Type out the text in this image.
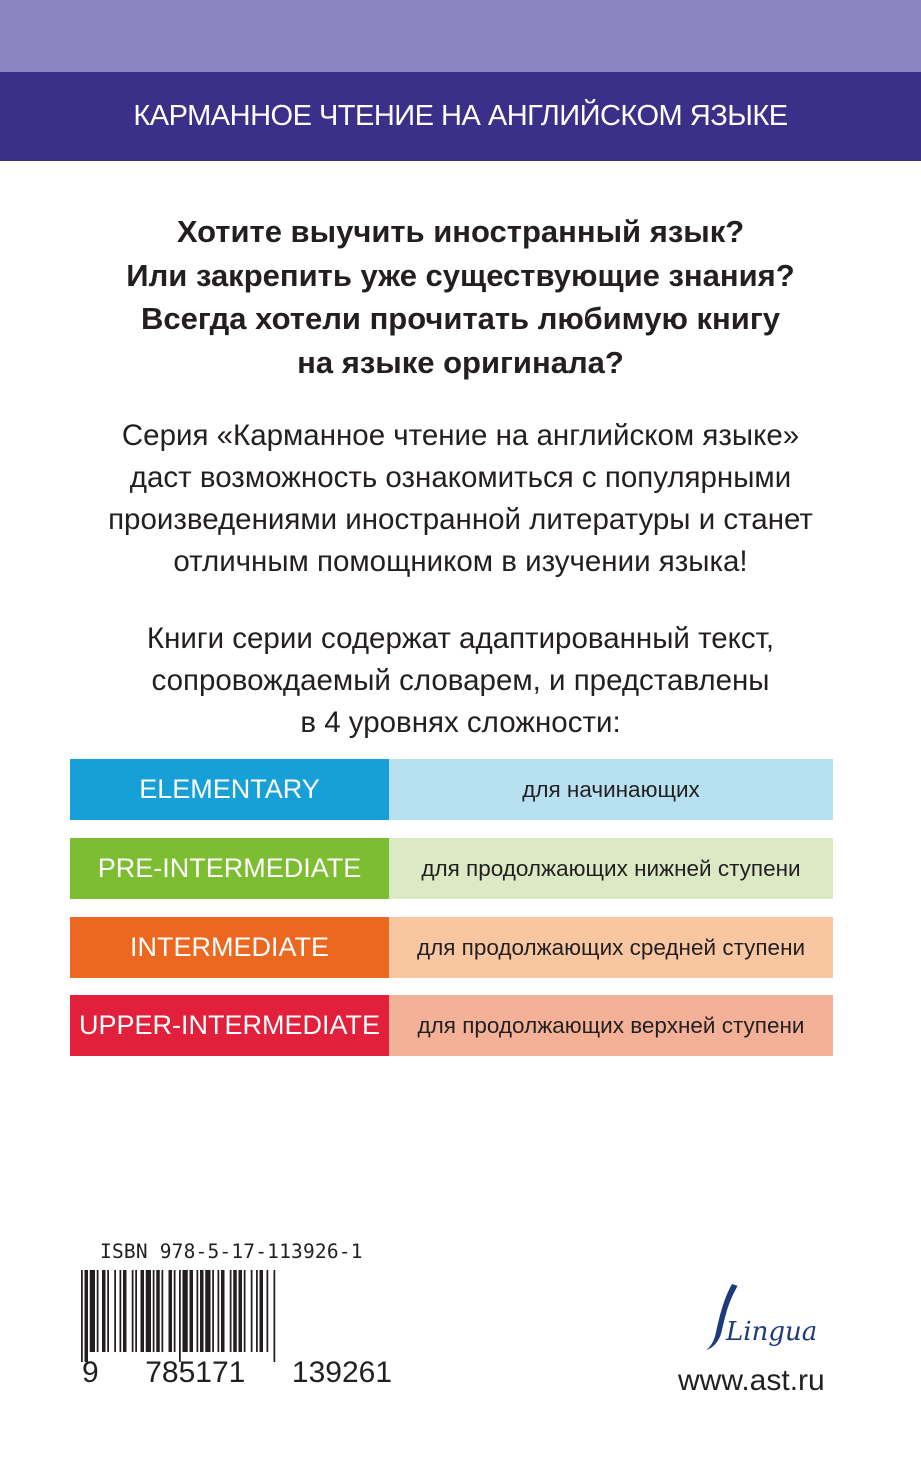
КАРМАННОЕ ЧТЕНИЕ НА АНГЛИЙСКОМ ЯЗЫКЕ
Хотите выучить иностранный язык?
Или закрепить уже существующие знания?
Всегда хотели прочитать любимую книгу
на языке оригинала?
Серия «Карманное чтение на английском языке»
даст возможность ознакомиться с популярными
произведениями иностранной литературы и станет
отличным помощником в изучении языка!
Книги серии содержат адаптированный текст,
сопровождаемый словарем, и представлены
в 4 уровнях сложности:
ELEMENTARY	для начинающих
PRE-INTERMEDIATE	для продолжающих нижней ступени
INTERMEDIATE	для продолжающих средней ступени
UPPER-INTERMEDIATE	для продолжающих верхней ступени
ISBN 978-5-17-113926-1
9 785171 139261
Lingua
www.ast.ru
